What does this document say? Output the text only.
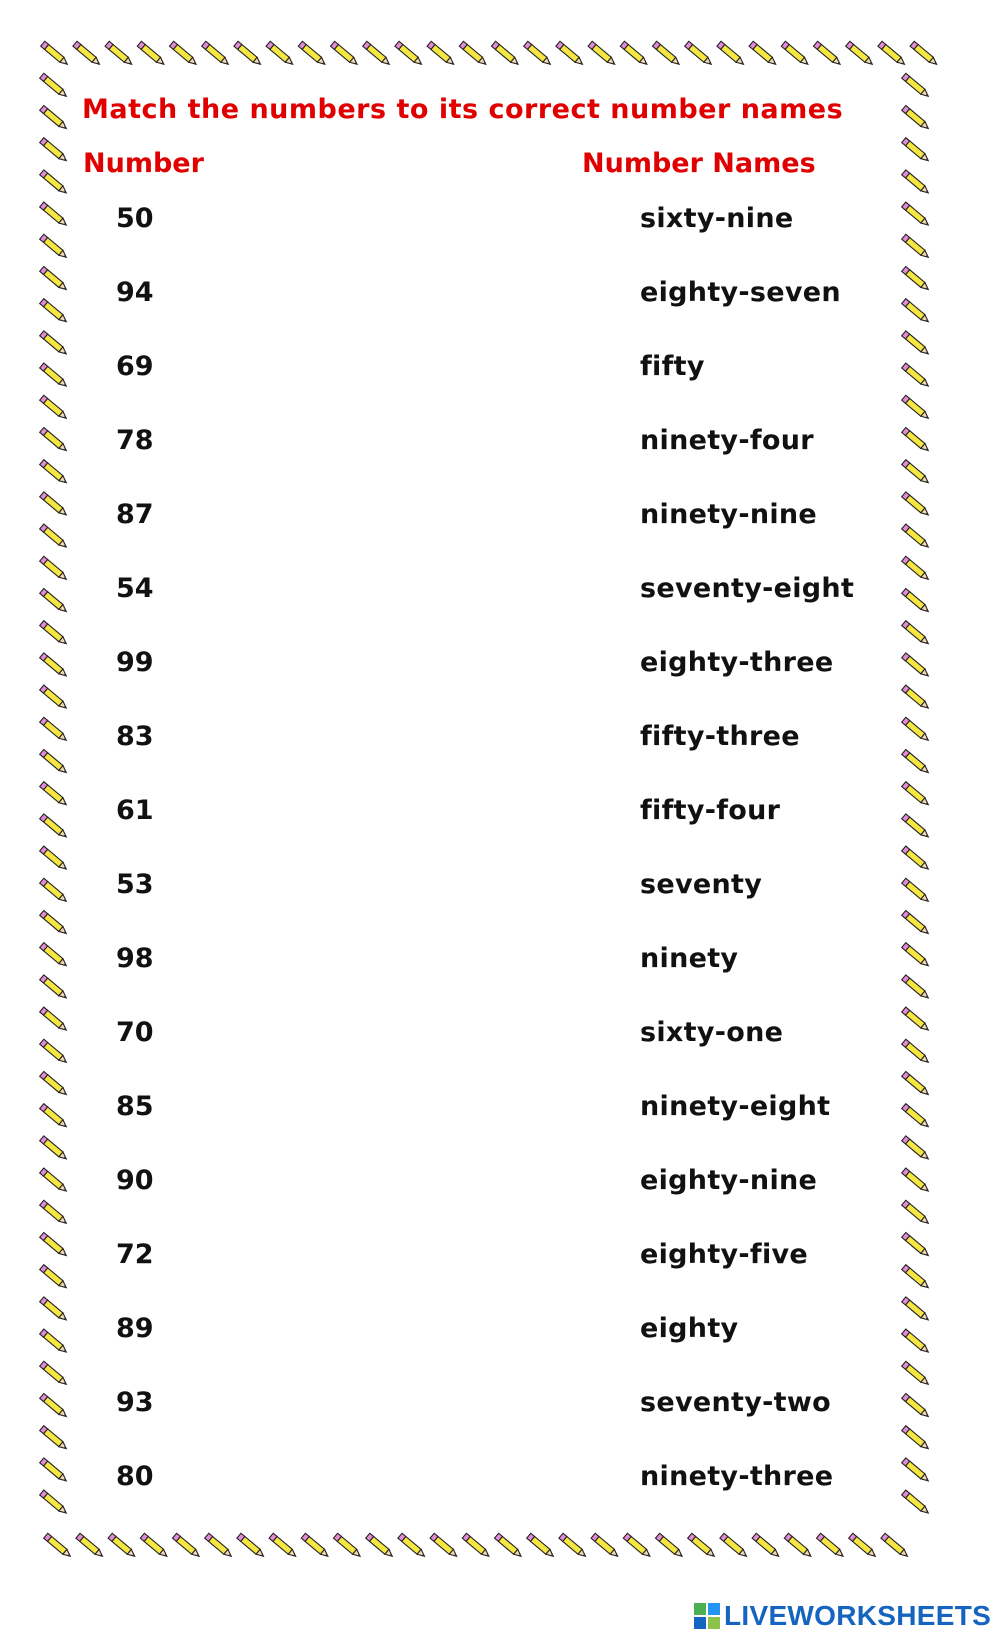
Match the numbers to its correct number names
Number	Number Names
50
94
69
78
87
54
99
83
61
53
98
70
85
90
72
89
93
80
sixty-nine
eighty-seven
fifty
ninety-four
ninety-nine
seventy-eight
eighty-three
fifty-three
fifty-four
seventy
ninety
sixty-one
ninety-eight
eighty-nine
eighty-five
eighty
seventy-two
ninety-three
LIVEWORKSHEETS
